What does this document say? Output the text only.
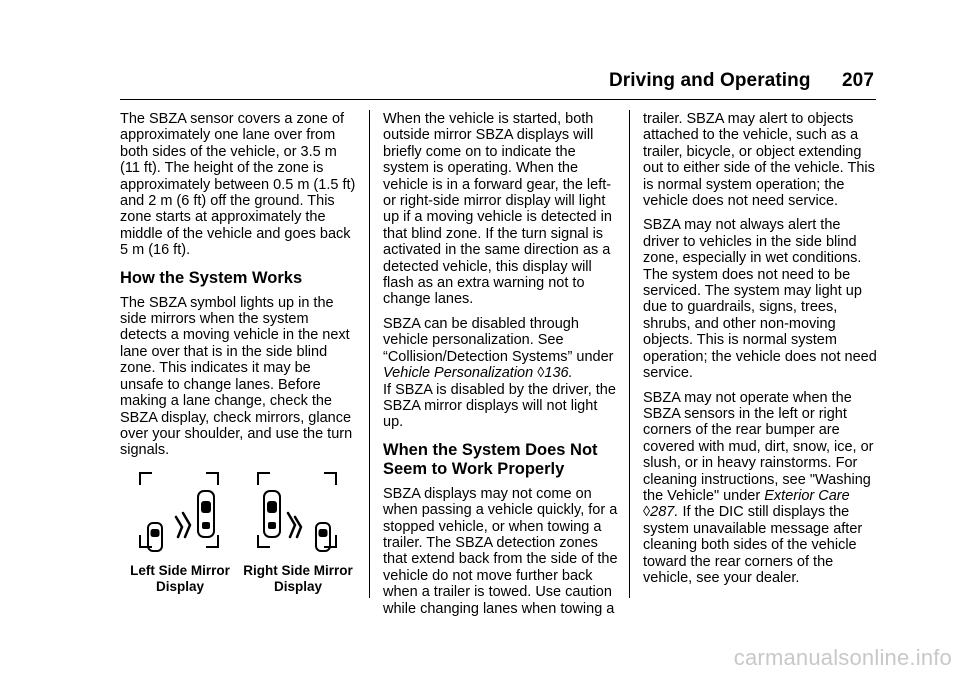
Driving and Operating 207

The SBZA sensor covers a zone of approximately one lane over from both sides of the vehicle, or 3.5 m (11 ft). The height of the zone is approximately between 0.5 m (1.5 ft) and 2 m (6 ft) off the ground. This zone starts at approximately the middle of the vehicle and goes back 5 m (16 ft).

How the System Works

The SBZA symbol lights up in the side mirrors when the system detects a moving vehicle in the next lane over that is in the side blind zone. This indicates it may be unsafe to change lanes. Before making a lane change, check the SBZA display, check mirrors, glance over your shoulder, and use the turn signals.

Left Side Mirror Display
Right Side Mirror Display

When the vehicle is started, both outside mirror SBZA displays will briefly come on to indicate the system is operating. When the vehicle is in a forward gear, the left- or right-side mirror display will light up if a moving vehicle is detected in that blind zone. If the turn signal is activated in the same direction as a detected vehicle, this display will flash as an extra warning not to change lanes.

SBZA can be disabled through vehicle personalization. See “Collision/Detection Systems” under Vehicle Personalization ◊136.

If SBZA is disabled by the driver, the SBZA mirror displays will not light up.

When the System Does Not Seem to Work Properly

SBZA displays may not come on when passing a vehicle quickly, for a stopped vehicle, or when towing a trailer. The SBZA detection zones that extend back from the side of the vehicle do not move further back when a trailer is towed. Use caution while changing lanes when towing a

trailer. SBZA may alert to objects attached to the vehicle, such as a trailer, bicycle, or object extending out to either side of the vehicle. This is normal system operation; the vehicle does not need service.

SBZA may not always alert the driver to vehicles in the side blind zone, especially in wet conditions. The system does not need to be serviced. The system may light up due to guardrails, signs, trees, shrubs, and other non-moving objects. This is normal system operation; the vehicle does not need service.

SBZA may not operate when the SBZA sensors in the left or right corners of the rear bumper are covered with mud, dirt, snow, ice, or slush, or in heavy rainstorms. For cleaning instructions, see "Washing the Vehicle" under Exterior Care ◊287. If the DIC still displays the system unavailable message after cleaning both sides of the vehicle toward the rear corners of the vehicle, see your dealer.

carmanualsonline.info
